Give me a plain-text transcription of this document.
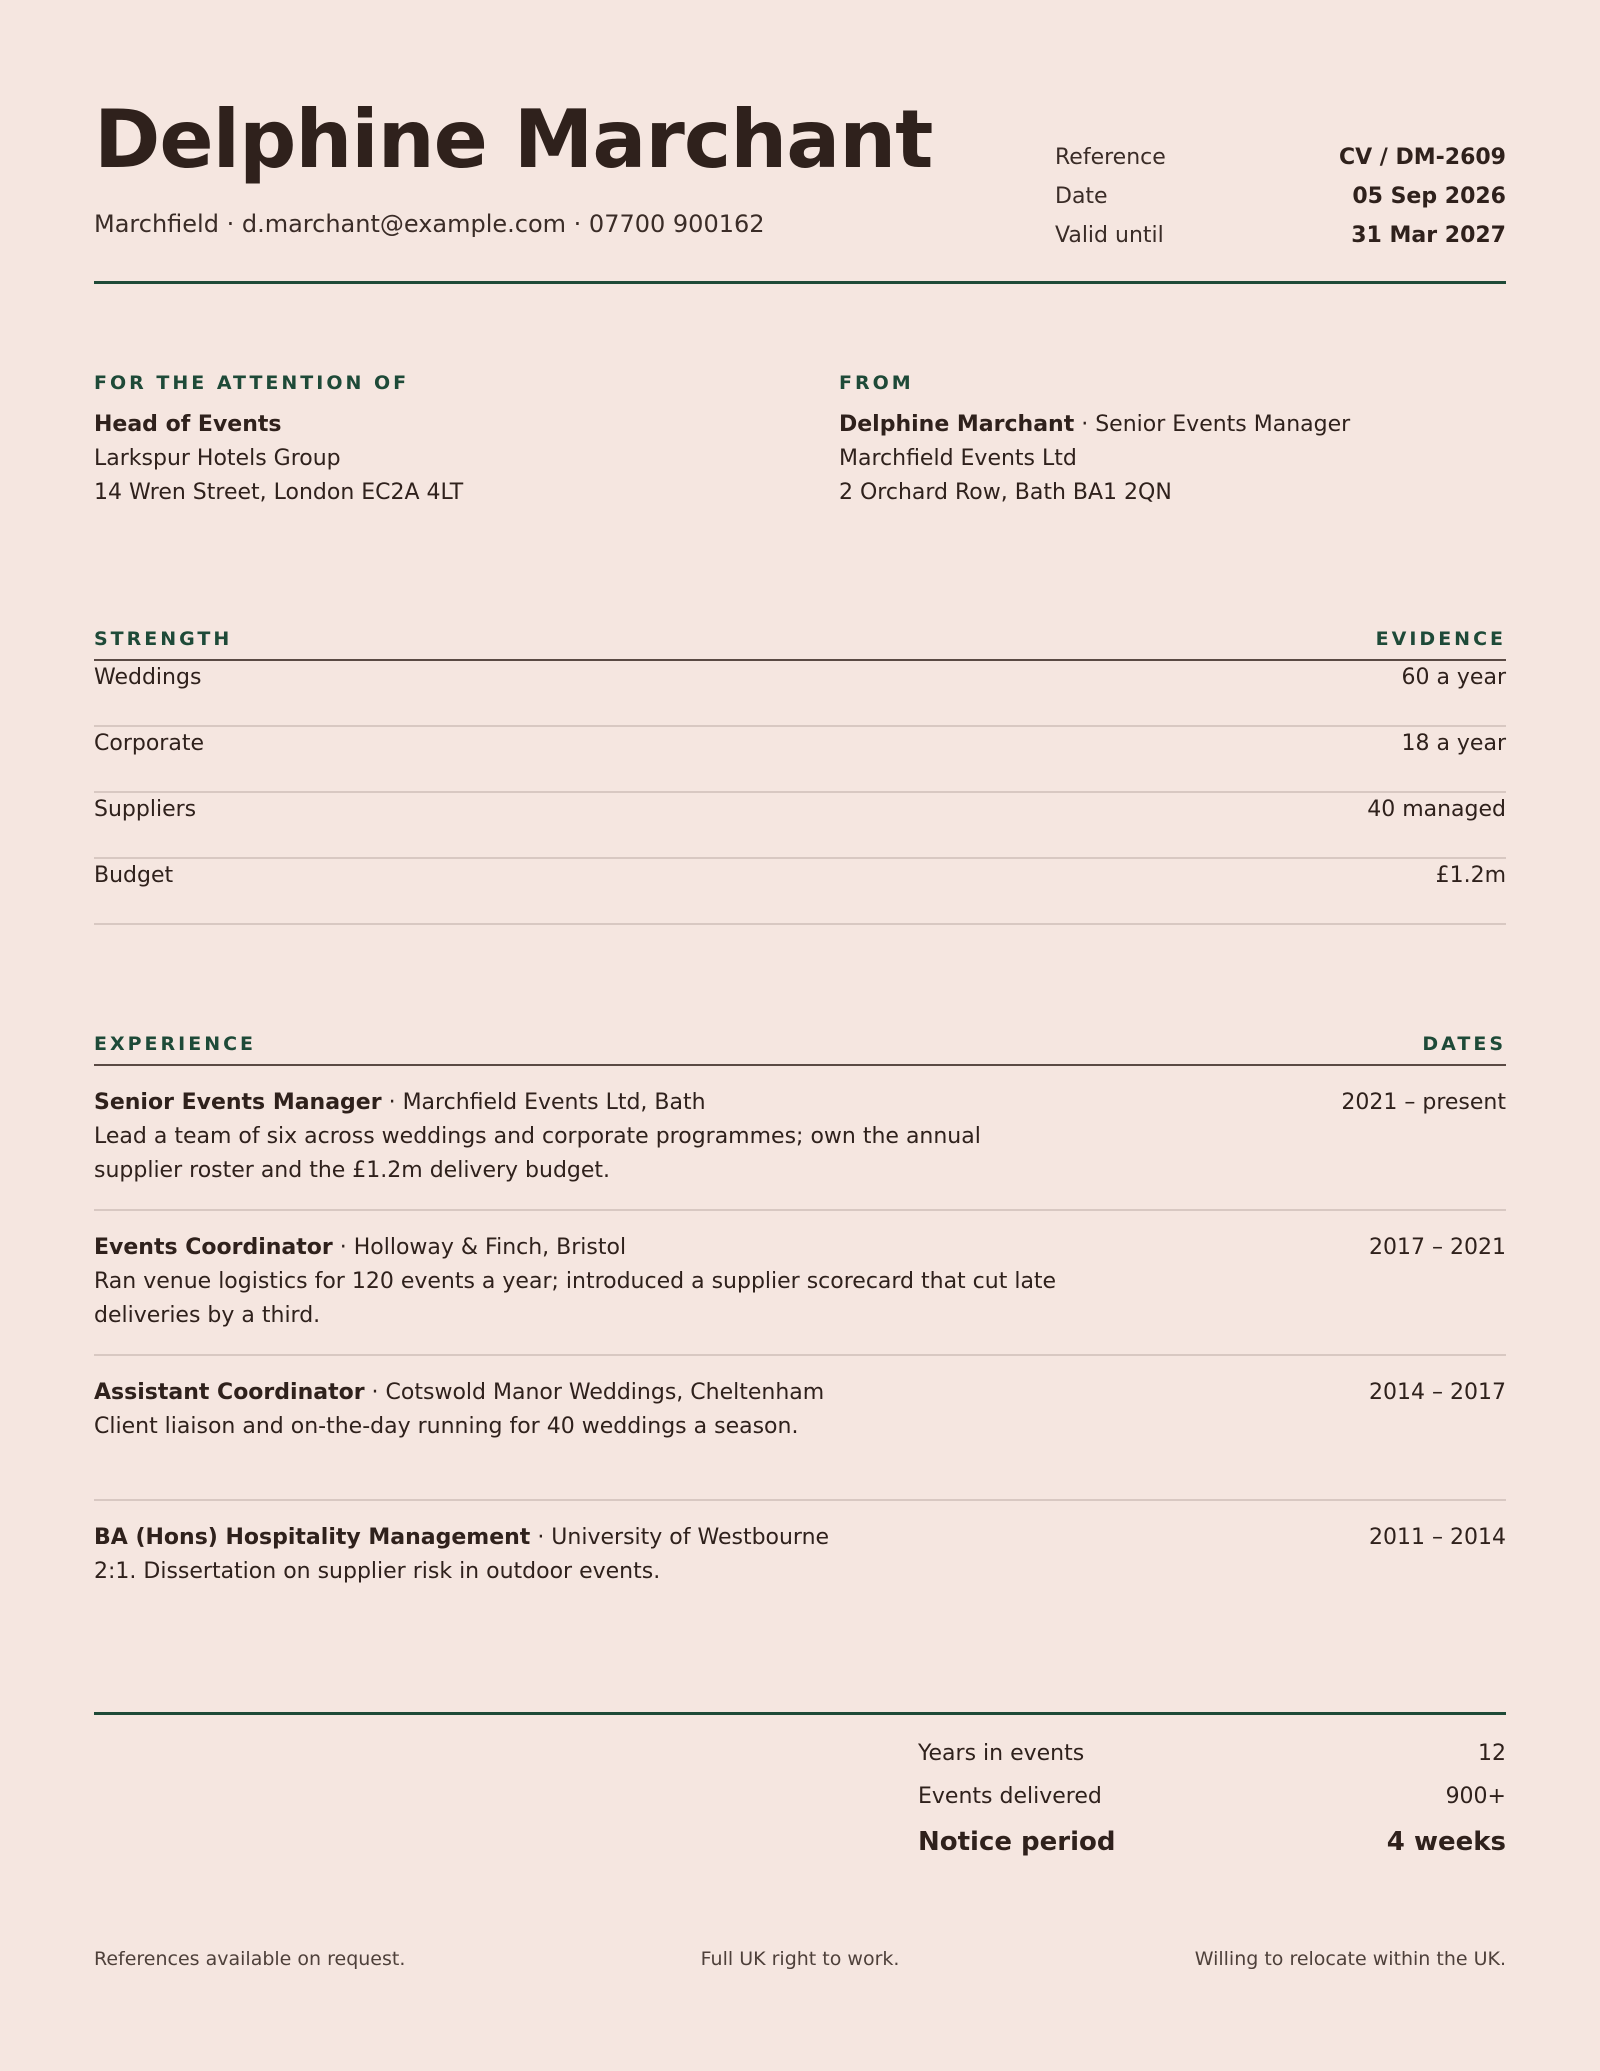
Delphine Marchant
Marchfield · d.marchant@example.com · 07700 900162
Reference	CV / DM-2609
Date	05 Sep 2026
Valid until	31 Mar 2027
FOR THE ATTENTION OF
Head of Events
Larkspur Hotels Group
14 Wren Street, London EC2A 4LT
FROM
Delphine Marchant · Senior Events Manager
Marchfield Events Ltd
2 Orchard Row, Bath BA1 2QN
STRENGTH	EVIDENCE
Weddings	60 a year
Corporate	18 a year
Suppliers	40 managed
Budget	£1.2m
EXPERIENCE	DATES
Senior Events Manager · Marchfield Events Ltd, Bath
Lead a team of six across weddings and corporate programmes; own the annual supplier roster and the £1.2m delivery budget.
2021 – present
Events Coordinator · Holloway & Finch, Bristol
Ran venue logistics for 120 events a year; introduced a supplier scorecard that cut late deliveries by a third.
2017 – 2021
Assistant Coordinator · Cotswold Manor Weddings, Cheltenham
Client liaison and on-the-day running for 40 weddings a season.
2014 – 2017
BA (Hons) Hospitality Management · University of Westbourne
2:1. Dissertation on supplier risk in outdoor events.
2011 – 2014
Years in events	12
Events delivered	900+
Notice period	4 weeks
References available on request.	Full UK right to work.	Willing to relocate within the UK.
